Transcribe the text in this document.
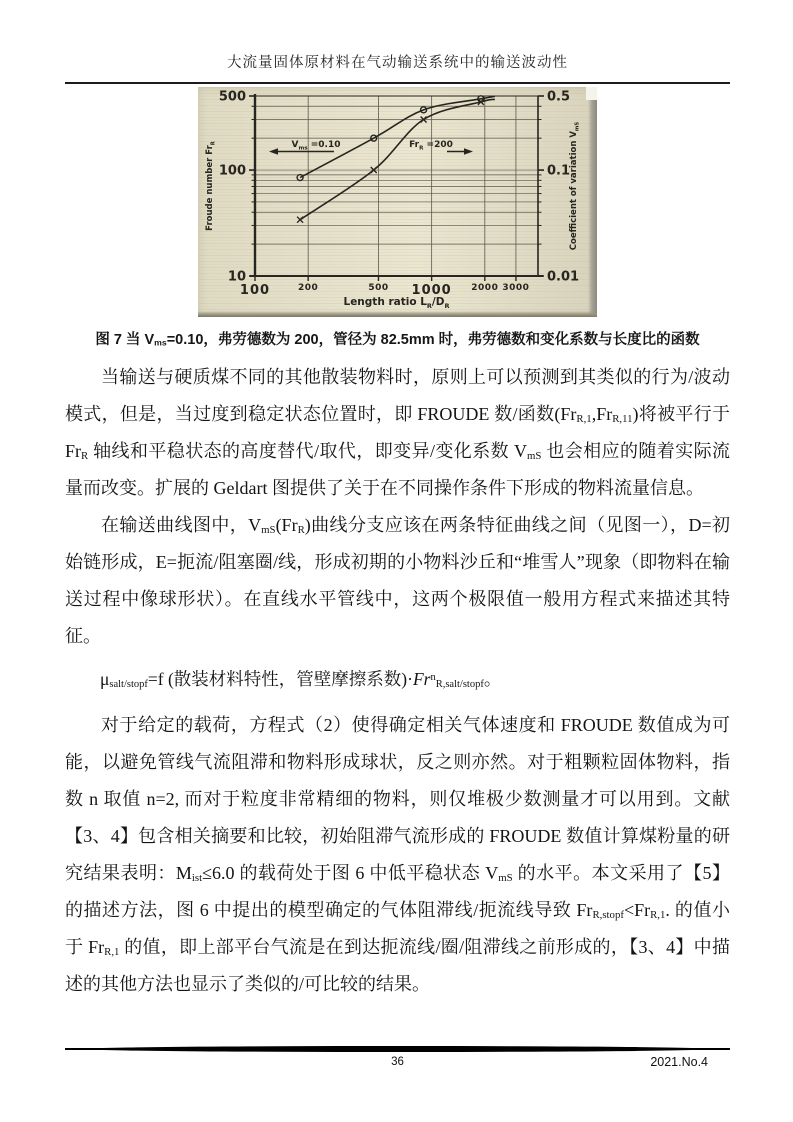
大流量固体原材料在气动输送系统中的输送波动性
10
100
500
0.01
0.1
0.5
100	200	500 1000 2000 3000
Length ratio $L_R/D_R$
Froude number $Fr_R$	Coefficient of variation $V_{mS}$
$V_{ms} =0.10$	$Fr_R =200$
图 7 当 $V_{ms}=0.10$，弗劳德数为 200，管径为 82.5mm 时，弗劳德数和变化系数与长度比的函数

当输送与硬质煤不同的其他散装物料时，原则上可以预测到其类似的行为/波动模式，但是，当过度到稳定状态位置时，即 FROUDE 数/函数$(Fr_{R,1},Fr_{R,11})$将被平行于 $Fr_R$ 轴线和平稳状态的高度替代/取代，即变异/变化系数 $V_{mS}$ 也会相应的随着实际流量而改变。扩展的 Geldart 图提供了关于在不同操作条件下形成的物料流量信息。

在输送曲线图中，$V_{mS}(Fr_R)$曲线分支应该在两条特征曲线之间（见图一），D=初始链形成，E=扼流/阻塞圈/线，形成初期的小物料沙丘和“堆雪人”现象（即物料在输送过程中像球形状）。在直线水平管线中，这两个极限值一般用方程式来描述其特征。

$\mu_{salt/stopf}=f$ (散装材料特性，管壁摩擦系数)$\cdot Fr^n_{R,salt/stopf}$。

对于给定的载荷，方程式（2）使得确定相关气体速度和 FROUDE 数值成为可能，以避免管线气流阻滞和物料形成球状，反之则亦然。对于粗颗粒固体物料，指数 n 取值 n=2, 而对于粒度非常精细的物料，则仅堆极少数测量才可以用到。文献【3、4】包含相关摘要和比较，初始阻滞气流形成的 FROUDE 数值计算煤粉量的研究结果表明：$M_{ist}\le 6.0$ 的载荷处于图 6 中低平稳状态 $V_{mS}$ 的水平。本文采用了【5】的描述方法，图 6 中提出的模型确定的气体阻滞线/扼流线导致 $Fr_{R,stopf}<Fr_{R,1}$. 的值小于 $Fr_{R,1}$ 的值，即上部平台气流是在到达扼流线/圈/阻滞线之前形成的，【3、4】中描述的其他方法也显示了类似的/可比较的结果。

36	2021.No.4
